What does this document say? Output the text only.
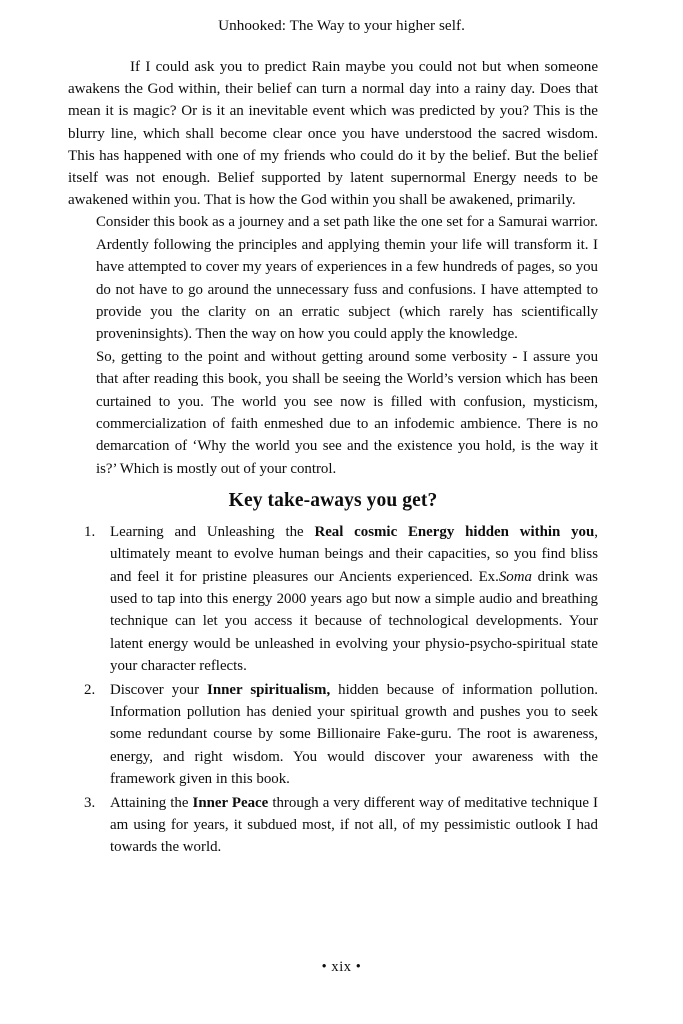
Unhooked: The Way to your higher self.

If I could ask you to predict Rain maybe you could not but when someone awakens the God within, their belief can turn a normal day into a rainy day. Does that mean it is magic? Or is it an inevitable event which was predicted by you? This is the blurry line, which shall become clear once you have understood the sacred wisdom. This has happened with one of my friends who could do it by the belief. But the belief itself was not enough. Belief supported by latent supernormal Energy needs to be awakened within you. That is how the God within you shall be awakened, primarily.

Consider this book as a journey and a set path like the one set for a Samurai warrior. Ardently following the principles and applying themin your life will transform it. I have attempted to cover my years of experiences in a few hundreds of pages, so you do not have to go around the unnecessary fuss and confusions. I have attempted to provide you the clarity on an erratic subject (which rarely has scientifically proveninsights). Then the way on how you could apply the knowledge.

So, getting to the point and without getting around some verbosity - I assure you that after reading this book, you shall be seeing the World’s version which has been curtained to you. The world you see now is filled with confusion, mysticism, commercialization of faith enmeshed due to an infodemic ambience. There is no demarcation of ‘Why the world you see and the existence you hold, is the way it is?’ Which is mostly out of your control.

Key take-aways you get?
1. Learning and Unleashing the Real cosmic Energy hidden within you, ultimately meant to evolve human beings and their capacities, so you find bliss and feel it for pristine pleasures our Ancients experienced. Ex.Soma drink was used to tap into this energy 2000 years ago but now a simple audio and breathing technique can let you access it because of technological developments. Your latent energy would be unleashed in evolving your physio-psycho-spiritual state your character reflects.
2. Discover your Inner spiritualism, hidden because of information pollution. Information pollution has denied your spiritual growth and pushes you to seek some redundant course by some Billionaire Fake-guru. The root is awareness, energy, and right wisdom. You would discover your awareness with the framework given in this book.
3. Attaining the Inner Peace through a very different way of meditative technique I am using for years, it subdued most, if not all, of my pessimistic outlook I had towards the world.
• xix •
